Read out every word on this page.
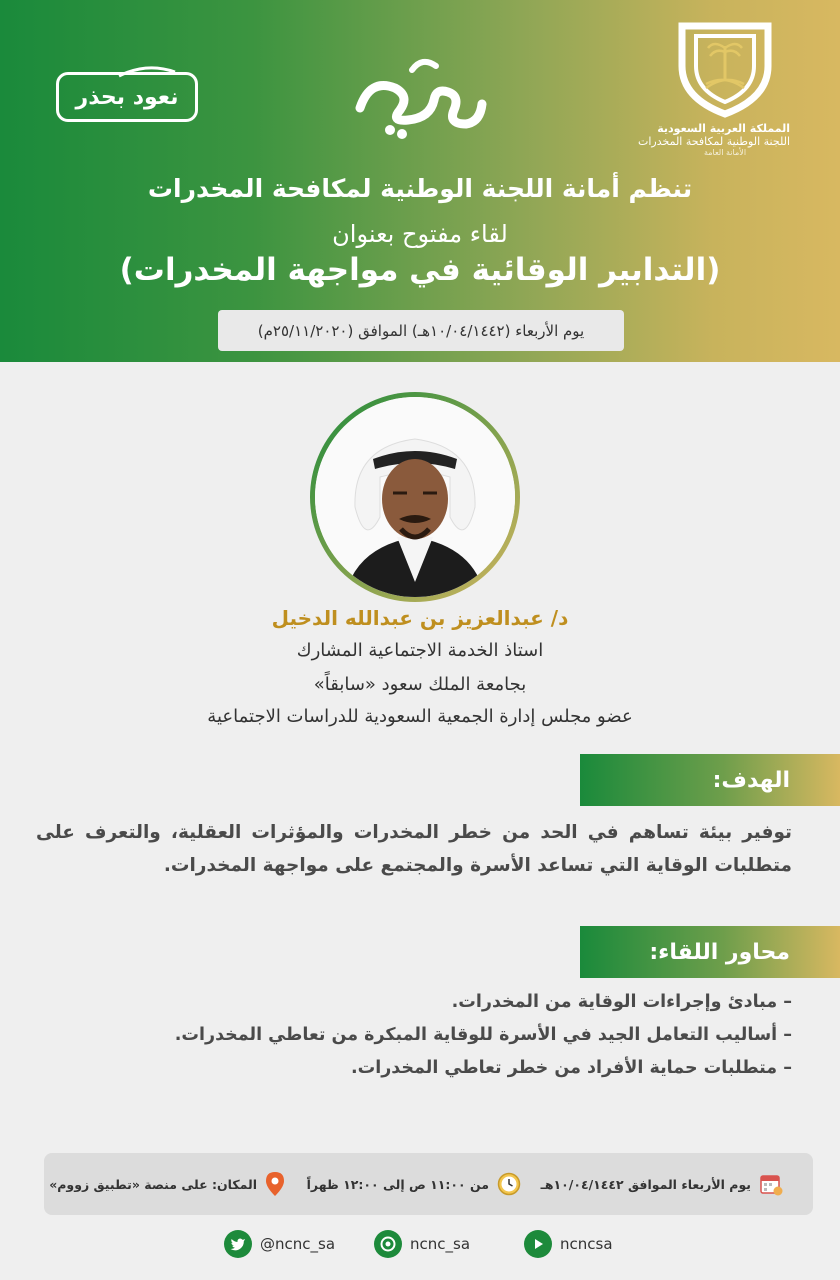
المملكة العربية السعودية
اللجنة الوطنية لمكافحة المخدرات
الأمانة العامة
نعود بحذر
تنظم أمانة اللجنة الوطنية لمكافحة المخدرات
لقاء مفتوح بعنوان
(التدابير الوقائية في مواجهة المخدرات)
يوم الأربعاء (١٠/٠٤/١٤٤٢هـ) الموافق (٢٥/١١/٢٠٢٠م)
د/ عبدالعزيز بن عبدالله الدخيل
استاذ الخدمة الاجتماعية المشارك
بجامعة الملك سعود «سابقاً»
عضو مجلس إدارة الجمعية السعودية للدراسات الاجتماعية
الهدف:
توفير بيئة تساهم في الحد من خطر المخدرات والمؤثرات العقلية، والتعرف على متطلبات الوقاية التي تساعد الأسرة والمجتمع على مواجهة المخدرات.
محاور اللقاء:
– مبادئ وإجراءات الوقاية من المخدرات.
– أساليب التعامل الجيد في الأسرة للوقاية المبكرة من تعاطي المخدرات.
– متطلبات حماية الأفراد من خطر تعاطي المخدرات.
يوم الأربعاء الموافق ١٠/٠٤/١٤٤٢هـ
من ١١:٠٠ ص إلى ١٢:٠٠ ظهراً
المكان: على منصة «تطبيق زووم»
@ncnc_sa	ncnc_sa	ncncsa
